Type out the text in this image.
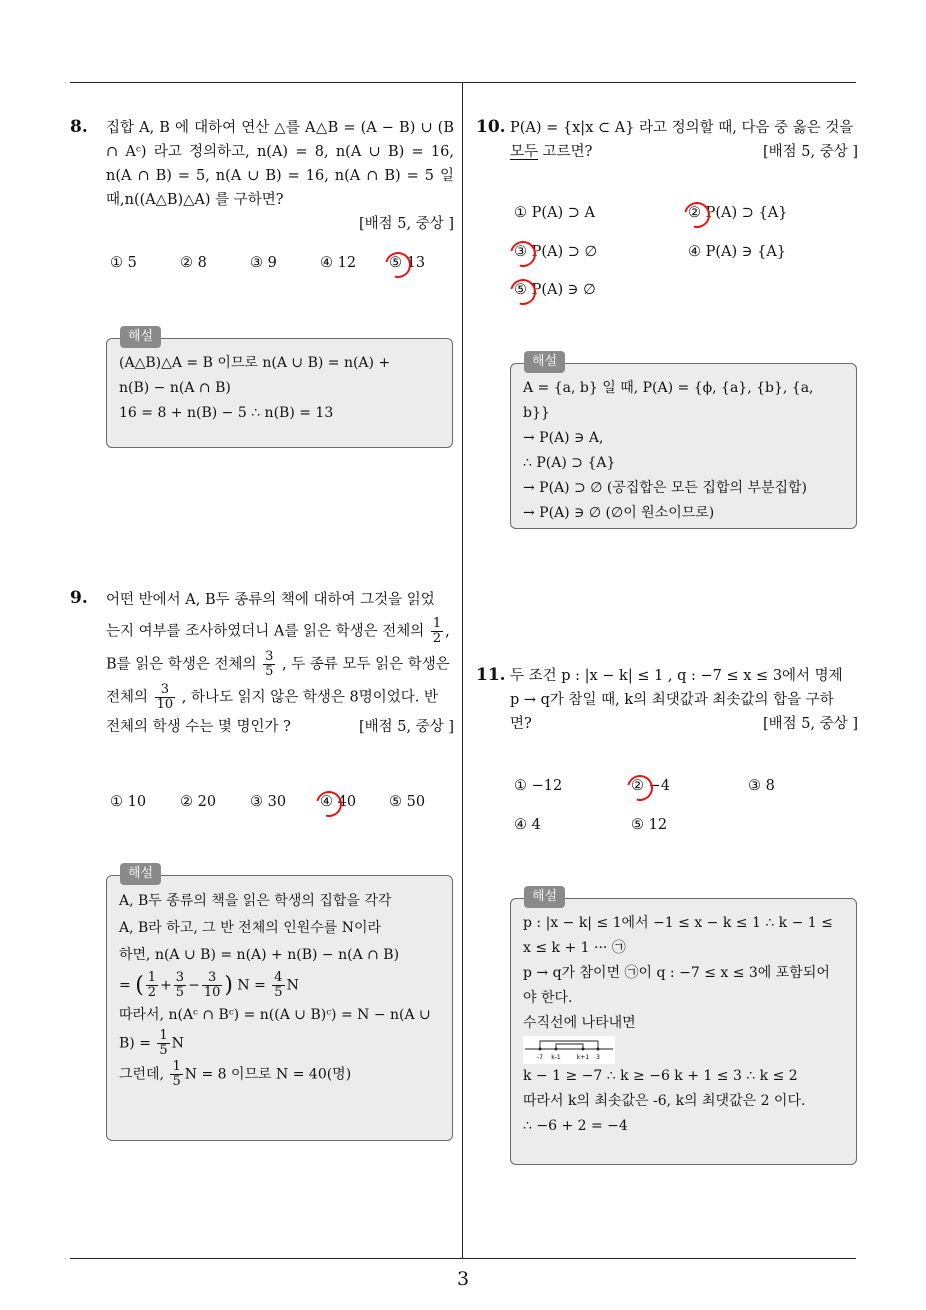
3
8. 집합 A, B 에 대하여 연산 △를 A△B = (A − B) ∪ (B ∩ Aᶜ) 라고 정의하고, n(A) = 8, n(A ∪ B) = 16, n(A ∩ B) = 5, n(A ∪ B) = 16, n(A ∩ B) = 5 일 때,n((A△B)△A) 를 구하면?
[배점 5, 중상 ]
① 5	② 8	③ 9	④ 12 ⑤ 13
(A△B)△A = B 이므로 n(A ∪ B) = n(A) +
n(B) − n(A ∩ B)
16 = 8 + n(B) − 5 ∴ n(B) = 13
해설
9. 어떤 반에서 A, B두 종류의 책에 대하여 그것을 읽었
는지 여부를 조사하였더니 A를 읽은 학생은 전체의 $\frac{1}{2}$ ,
B를 읽은 학생은 전체의 $\frac{3}{5}$ , 두 종류 모두 읽은 학생은
전체의 $\frac{3}{10}$ , 하나도 읽지 않은 학생은 8명이었다. 반
전체의 학생 수는 몇 명인가 ?	[배점 5, 중상 ]
① 10 ② 20 ③ 30 ④ 40 ⑤ 50
A, B두 종류의 책을 읽은 학생의 집합을 각각
A, B라 하고, 그 반 전체의 인원수를 N이라
하면, n(A ∪ B) = n(A) + n(B) − n(A ∩ B)
= ( $\frac{1}{2} + \frac{3}{5} - \frac{3}{10}$ ) $N = \frac{4}{5}$ N
따라서, n(Aᶜ ∩ Bᶜ) = n((A ∪ B)ᶜ) = N − n(A ∪
$B) = \frac{1}{5}$ N
그런데, $\frac{1}{5}$ N = 8 이므로 N = 40(명)
해설
10. P(A) = {x|x ⊂ A} 라고 정의할 때, 다음 중 옳은 것을
모두 고르면?	[배점 5, 중상 ]
① P(A) ⊃ A	② P(A) ⊃ {A}
③ P(A) ⊃ ∅	④ P(A) ∋ {A}
⑤ P(A) ∋ ∅
A = {a, b} 일 때, P(A) = {ϕ, {a}, {b}, {a, b}}
→ P(A) ∋ A,
∴ P(A) ⊃ {A}
→ P(A) ⊃ ∅ (공집합은 모든 집합의 부분집합)
→ P(A) ∋ ∅ (∅이 원소이므로)
해설
11. 두 조건 p : |x − k| ≤ 1 , q : −7 ≤ x ≤ 3에서 명제
p → q가 참일 때, k의 최댓값과 최솟값의 합을 구하
면?	[배점 5, 중상 ]
① −12	② −4	③ 8
④ 4	⑤ 12
p : |x − k| ≤ 1에서 −1 ≤ x − k ≤ 1 ∴ k − 1 ≤
x ≤ k + 1 ··· ㉠
p → q가 참이면 ㉠이 q : −7 ≤ x ≤ 3에 포함되어
야 한다.
수직선에 나타내면
-7 k-1	k+1 3
k − 1 ≥ −7 ∴ k ≥ −6 k + 1 ≤ 3 ∴ k ≤ 2
따라서 k의 최솟값은 -6, k의 최댓값은 2 이다.
∴ −6 + 2 = −4
해설
